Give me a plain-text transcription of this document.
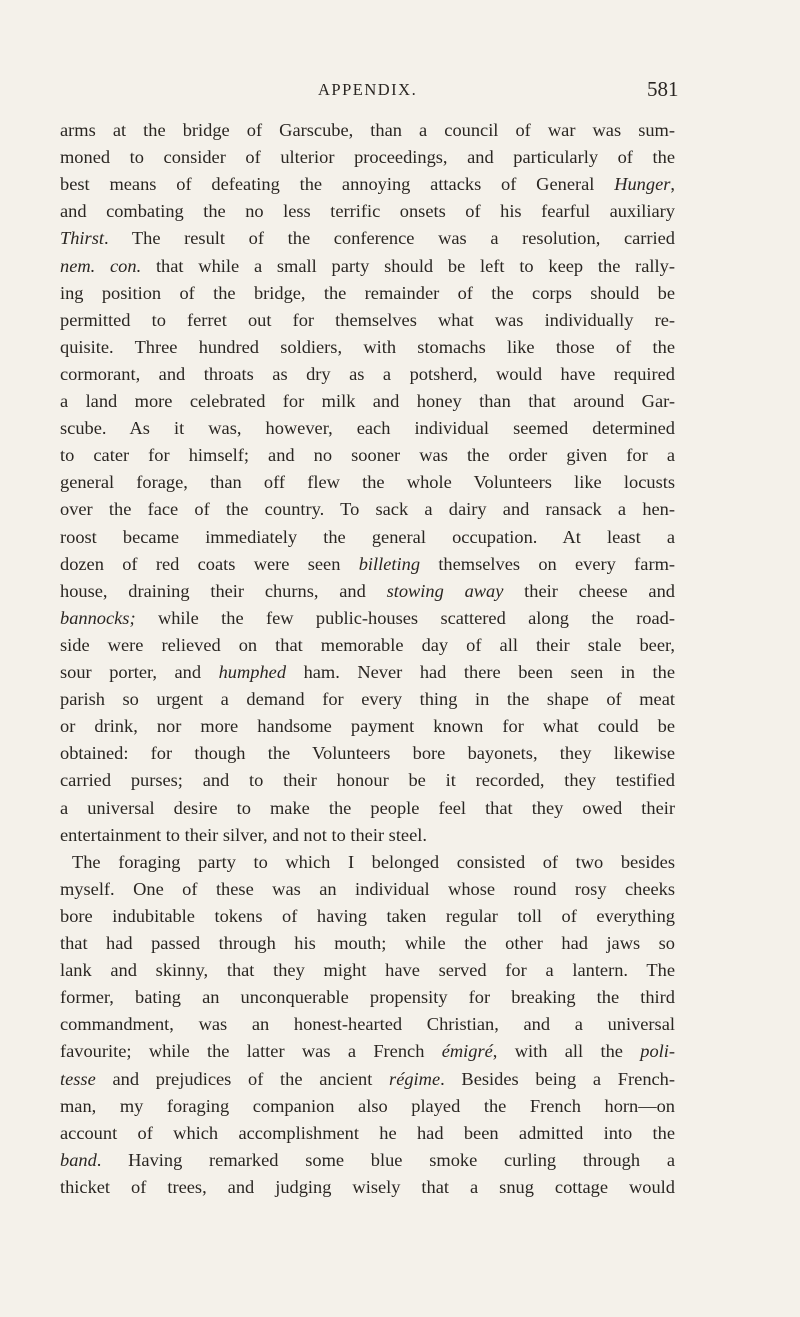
APPENDIX.	581
arms at the bridge of Garscube, than a council of war was sum-
moned to consider of ulterior proceedings, and particularly of the
best means of defeating the annoying attacks of General Hunger,
and combating the no less terrific onsets of his fearful auxiliary
Thirst. The result of the conference was a resolution, carried
nem. con. that while a small party should be left to keep the rally-
ing position of the bridge, the remainder of the corps should be
permitted to ferret out for themselves what was individually re-
quisite. Three hundred soldiers, with stomachs like those of the
cormorant, and throats as dry as a potsherd, would have required
a land more celebrated for milk and honey than that around Gar-
scube. As it was, however, each individual seemed determined
to cater for himself; and no sooner was the order given for a
general forage, than off flew the whole Volunteers like locusts
over the face of the country. To sack a dairy and ransack a hen-
roost became immediately the general occupation. At least a
dozen of red coats were seen billeting themselves on every farm-
house, draining their churns, and stowing away their cheese and
bannocks; while the few public-houses scattered along the road-
side were relieved on that memorable day of all their stale beer,
sour porter, and humphed ham. Never had there been seen in the
parish so urgent a demand for every thing in the shape of meat
or drink, nor more handsome payment known for what could be
obtained: for though the Volunteers bore bayonets, they likewise
carried purses; and to their honour be it recorded, they testified
a universal desire to make the people feel that they owed their
entertainment to their silver, and not to their steel.
The foraging party to which I belonged consisted of two besides
myself. One of these was an individual whose round rosy cheeks
bore indubitable tokens of having taken regular toll of everything
that had passed through his mouth; while the other had jaws so
lank and skinny, that they might have served for a lantern. The
former, bating an unconquerable propensity for breaking the third
commandment, was an honest-hearted Christian, and a universal
favourite; while the latter was a French émigré, with all the poli-
tesse and prejudices of the ancient régime. Besides being a French-
man, my foraging companion also played the French horn—on
account of which accomplishment he had been admitted into the
band. Having remarked some blue smoke curling through a
thicket of trees, and judging wisely that a snug cottage would
